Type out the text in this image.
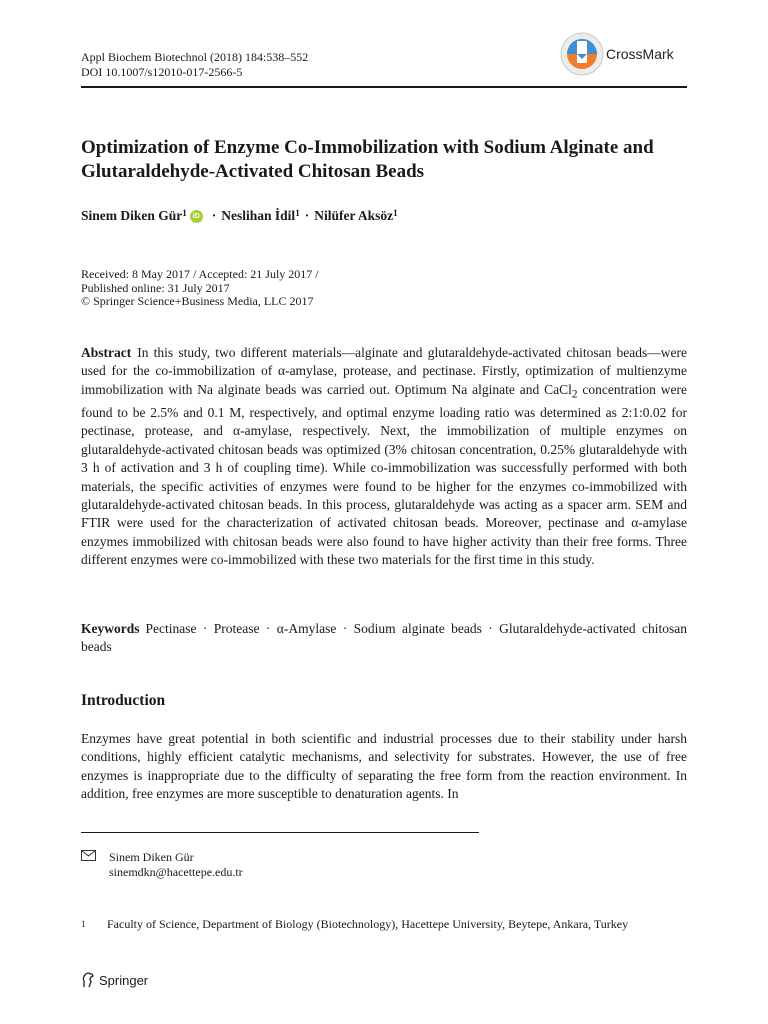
Appl Biochem Biotechnol (2018) 184:538–552
DOI 10.1007/s12010-017-2566-5
CrossMark
Optimization of Enzyme Co-Immobilization with Sodium Alginate and Glutaraldehyde-Activated Chitosan Beads
Sinem Diken Gür$^1$ iD · Neslihan İdil$^1$ · Nilüfer Aksöz$^1$
Received: 8 May 2017 / Accepted: 21 July 2017 /
Published online: 31 July 2017
© Springer Science+Business Media, LLC 2017
Abstract In this study, two different materials—alginate and glutaraldehyde-activated chitosan beads—were used for the co-immobilization of α-amylase, protease, and pectinase. Firstly, optimization of multienzyme immobilization with Na alginate beads was carried out. Optimum Na alginate and CaCl$_2$ concentration were found to be 2.5% and 0.1 M, respectively, and optimal enzyme loading ratio was determined as 2:1:0.02 for pectinase, protease, and α-amylase, respectively. Next, the immobilization of multiple enzymes on glutaraldehyde-activated chitosan beads was optimized (3% chitosan concentration, 0.25% glutaraldehyde with 3 h of activation and 3 h of coupling time). While co-immobilization was successfully performed with both materials, the specific activities of enzymes were found to be higher for the enzymes co-immobilized with glutaraldehyde-activated chitosan beads. In this process, glutaraldehyde was acting as a spacer arm. SEM and FTIR were used for the characterization of activated chitosan beads. Moreover, pectinase and α-amylase enzymes immobilized with chitosan beads were also found to have higher activity than their free forms. Three different enzymes were co-immobilized with these two materials for the first time in this study.
Keywords Pectinase · Protease · α-Amylase · Sodium alginate beads · Glutaraldehyde-activated chitosan beads
Introduction
Enzymes have great potential in both scientific and industrial processes due to their stability under harsh conditions, highly efficient catalytic mechanisms, and selectivity for substrates. However, the use of free enzymes is inappropriate due to the difficulty of separating the free form from the reaction environment. In addition, free enzymes are more susceptible to denaturation agents. In
Sinem Diken Gür
sinemdkn@hacettepe.edu.tr
1	Faculty of Science, Department of Biology (Biotechnology), Hacettepe University, Beytepe, Ankara, Turkey
Springer
